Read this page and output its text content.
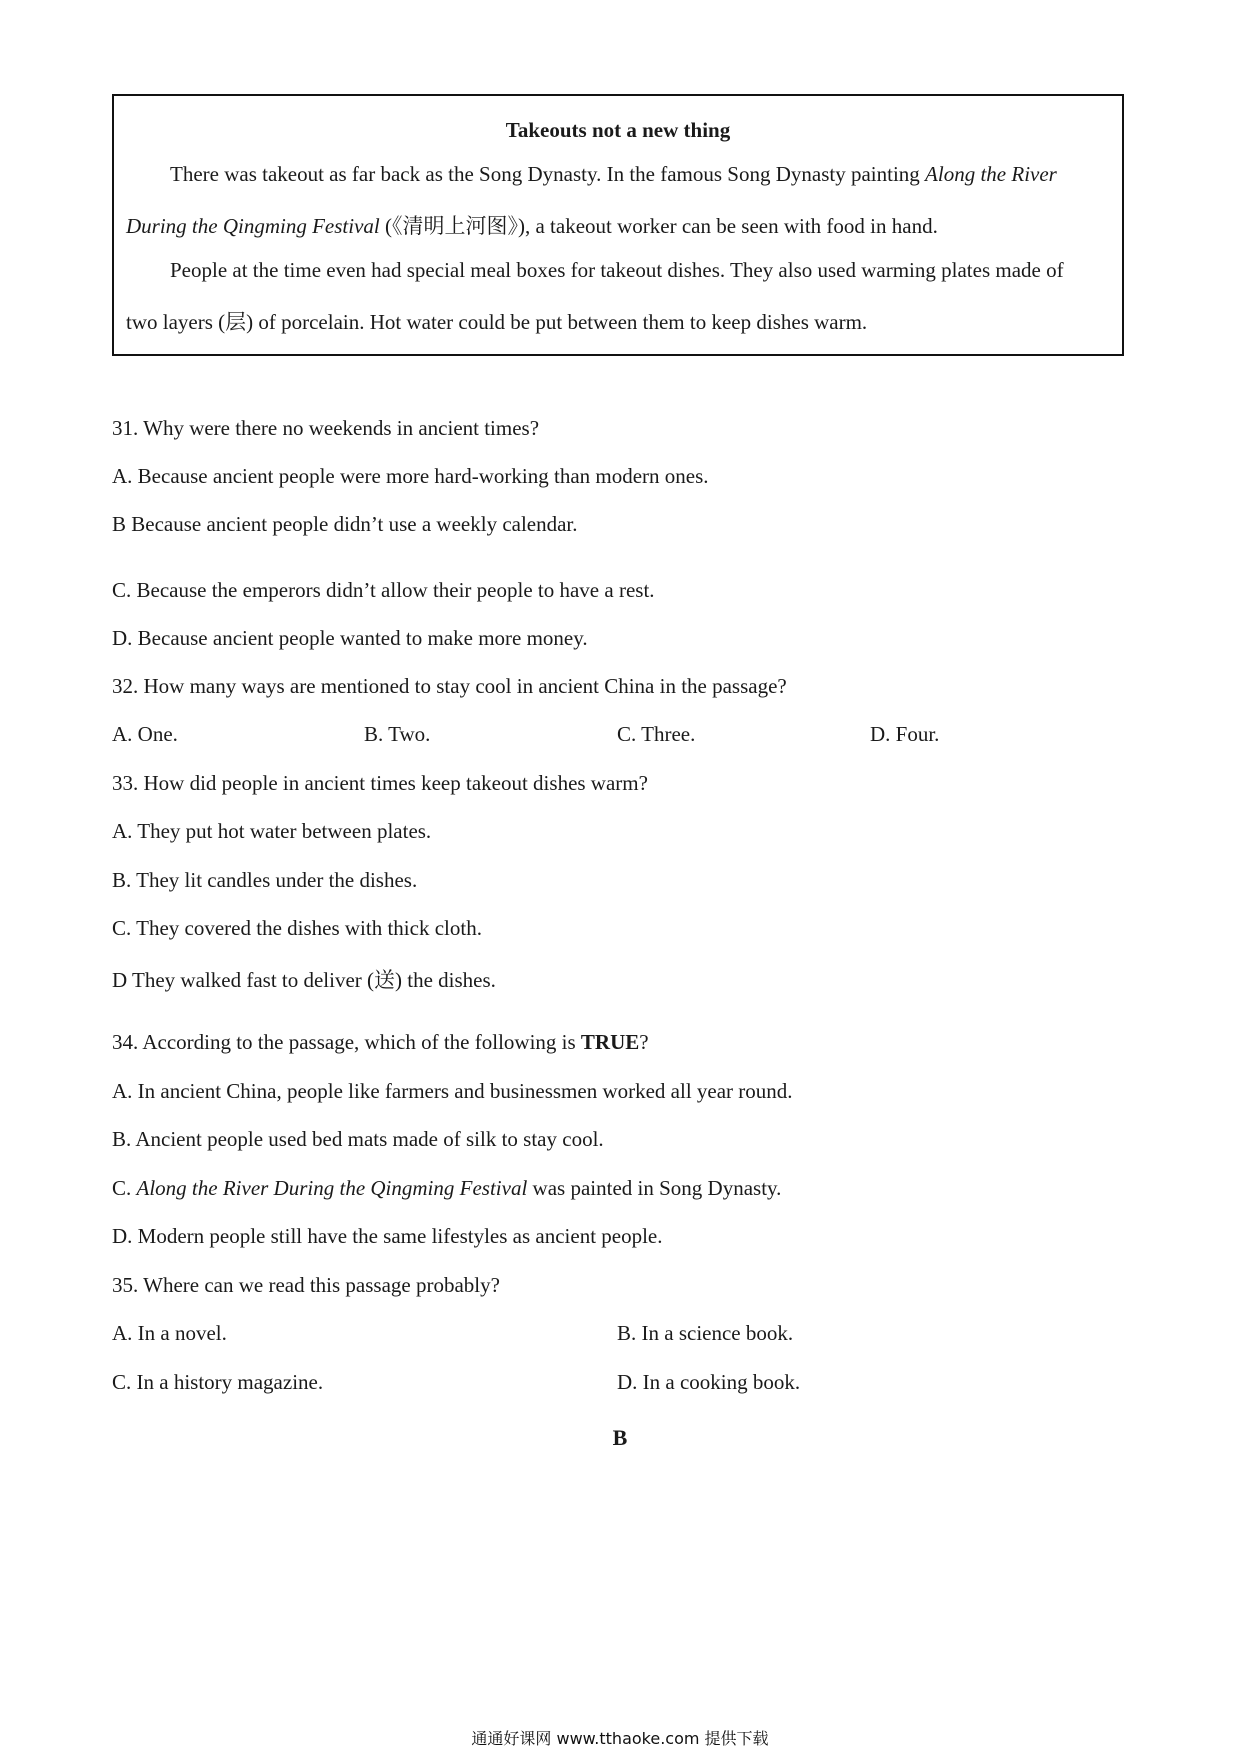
Takeouts not a new thing

There was takeout as far back as the Song Dynasty. In the famous Song Dynasty painting Along the River

During the Qingming Festival (《清明上河图》), a takeout worker can be seen with food in hand.

People at the time even had special meal boxes for takeout dishes. They also used warming plates made of

two layers (层) of porcelain. Hot water could be put between them to keep dishes warm.

31. Why were there no weekends in ancient times?
A. Because ancient people were more hard-working than modern ones.
B Because ancient people didn’t use a weekly calendar.
C. Because the emperors didn’t allow their people to have a rest.
D. Because ancient people wanted to make more money.
32. How many ways are mentioned to stay cool in ancient China in the passage?
A. One.	B. Two.	C. Three.	D. Four.
33. How did people in ancient times keep takeout dishes warm?
A. They put hot water between plates.
B. They lit candles under the dishes.
C. They covered the dishes with thick cloth.
D They walked fast to deliver (送) the dishes.
34. According to the passage, which of the following is TRUE?
A. In ancient China, people like farmers and businessmen worked all year round.
B. Ancient people used bed mats made of silk to stay cool.
C. Along the River During the Qingming Festival was painted in Song Dynasty.
D. Modern people still have the same lifestyles as ancient people.
35. Where can we read this passage probably?
A. In a novel.	B. In a science book.
C. In a history magazine.	D. In a cooking book.
B
通通好课网 www.tthaoke.com 提供下载
